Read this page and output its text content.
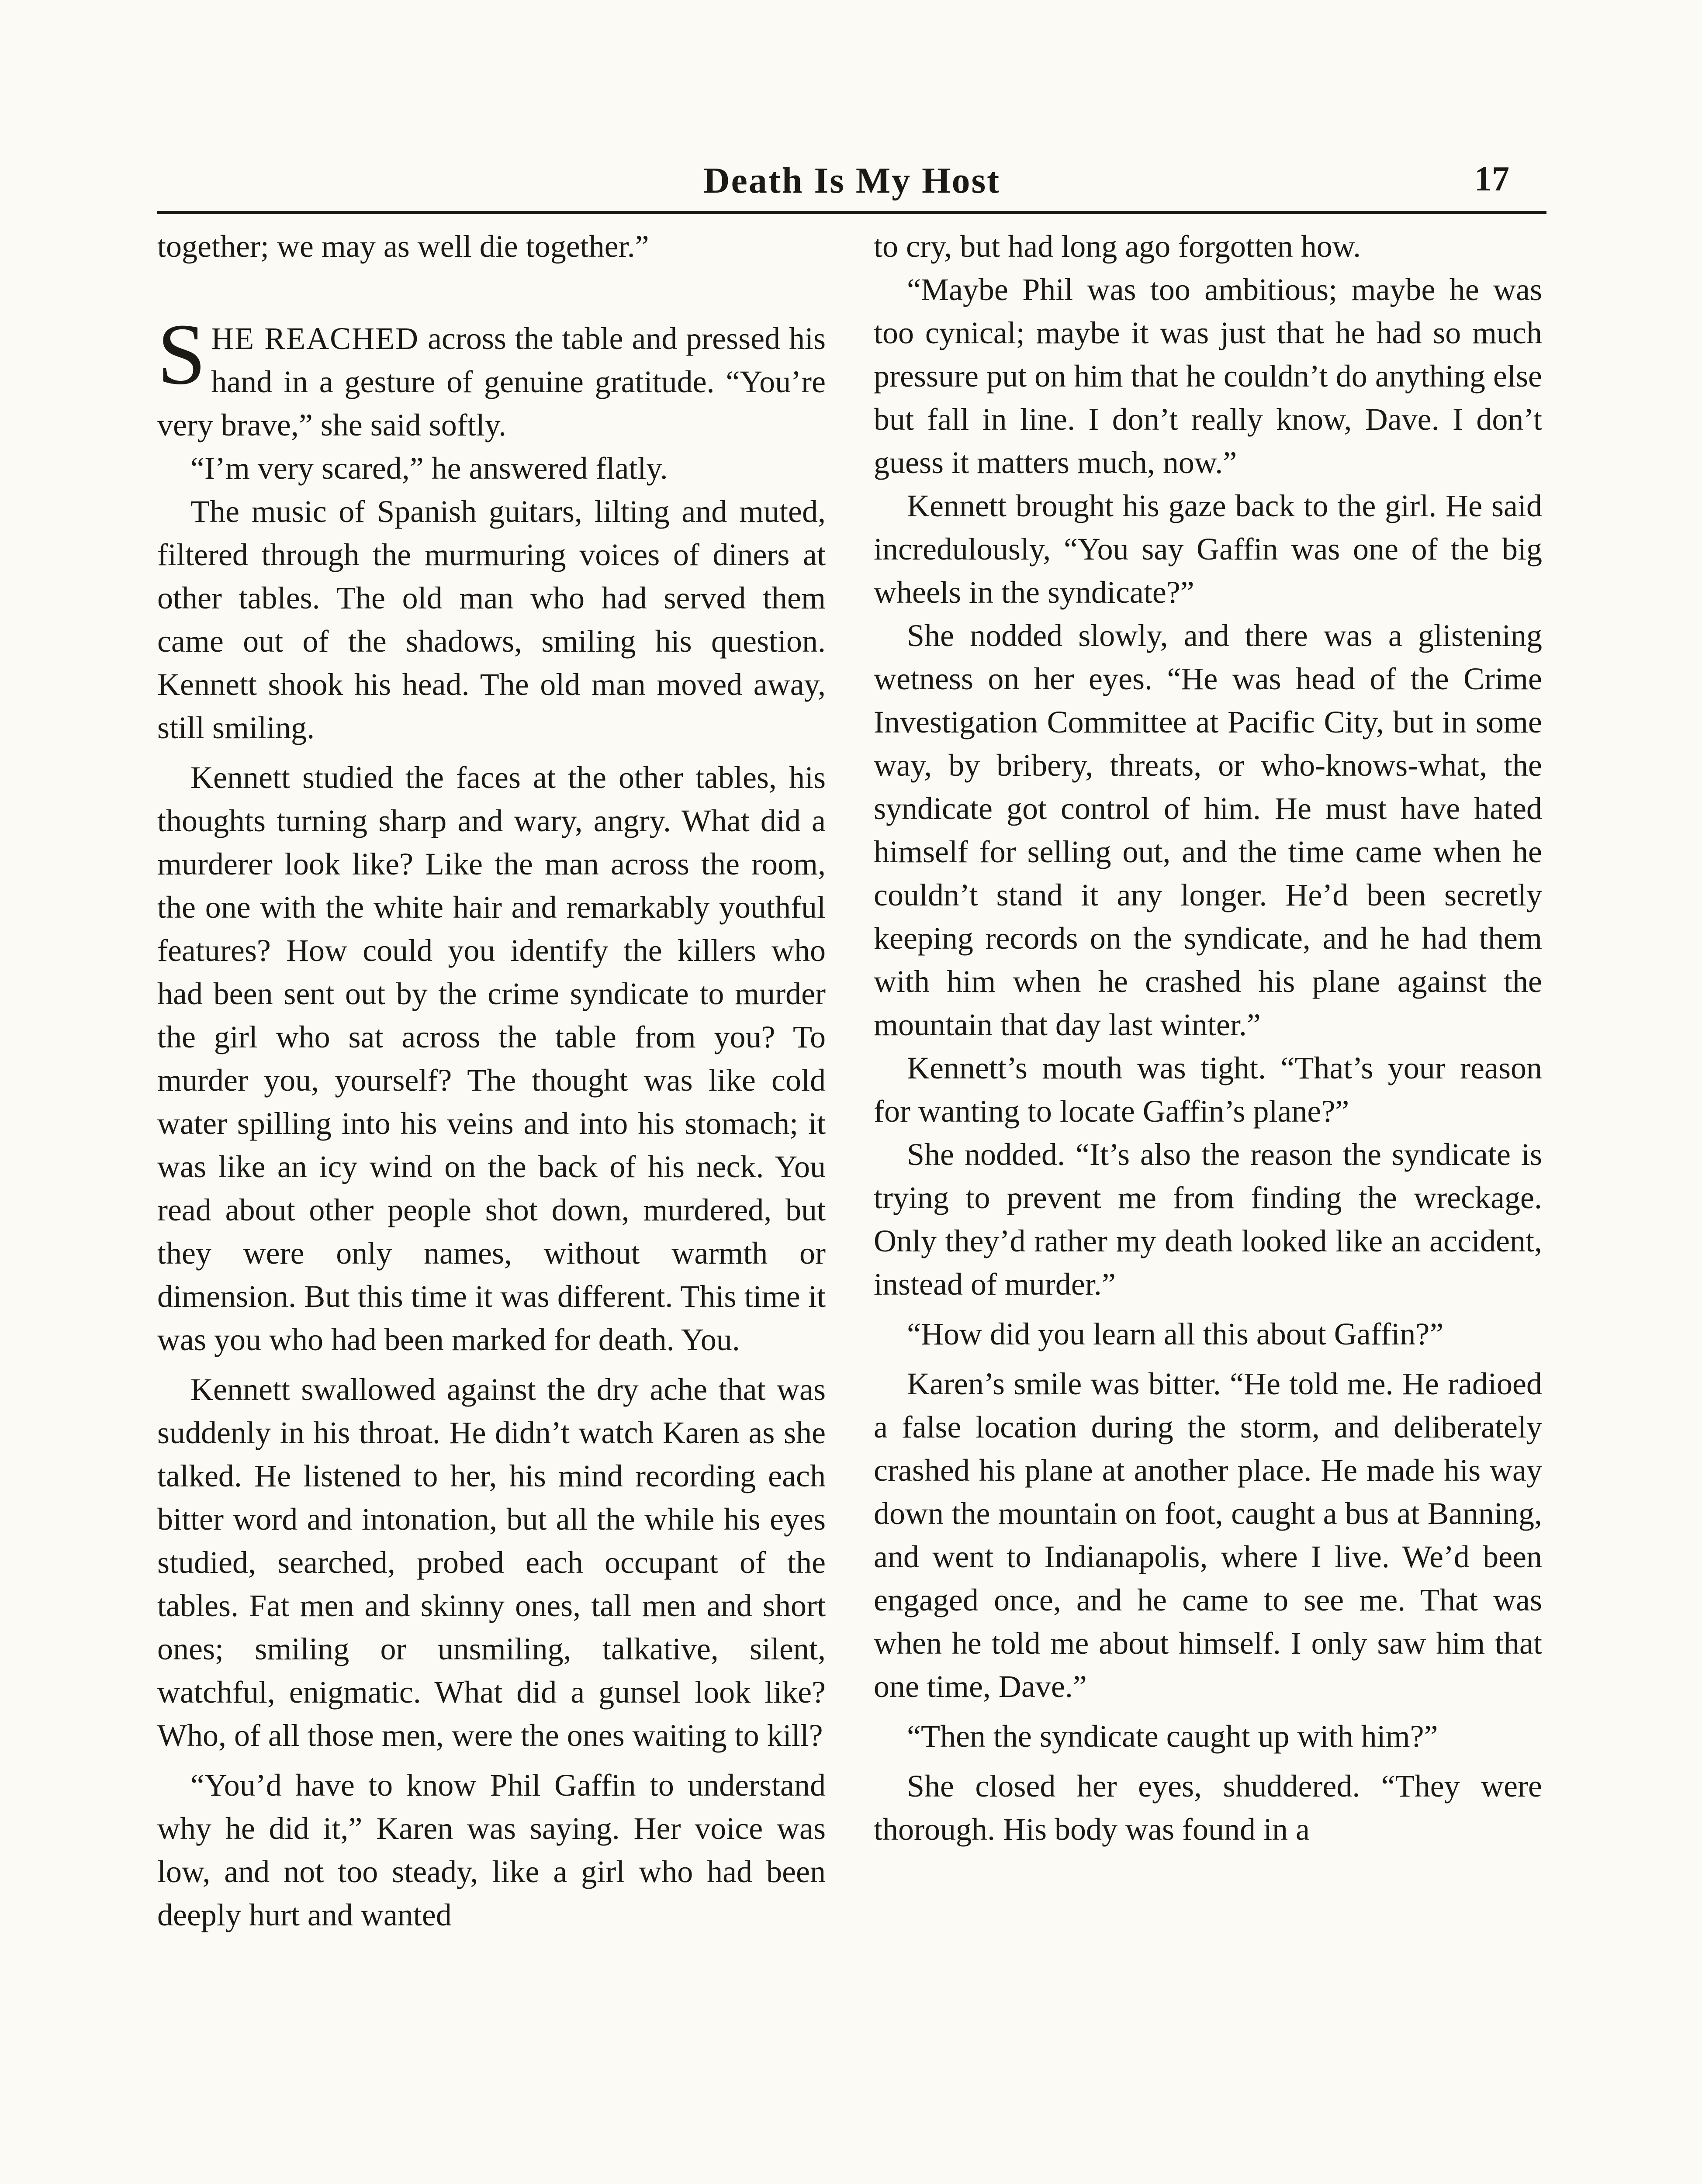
Death Is My Host	17

together; we may as well die together.”

SHE REACHED across the table and pressed his hand in a gesture of genuine gratitude. “You’re very brave,” she said softly.

“I’m very scared,” he answered flatly.

The music of Spanish guitars, lilting and muted, filtered through the murmuring voices of diners at other tables. The old man who had served them came out of the shadows, smiling his question. Kennett shook his head. The old man moved away, still smiling.

Kennett studied the faces at the other tables, his thoughts turning sharp and wary, angry. What did a murderer look like? Like the man across the room, the one with the white hair and remarkably youthful features? How could you identify the killers who had been sent out by the crime syndicate to murder the girl who sat across the table from you? To murder you, yourself? The thought was like cold water spilling into his veins and into his stomach; it was like an icy wind on the back of his neck. You read about other people shot down, murdered, but they were only names, without warmth or dimension. But this time it was different. This time it was you who had been marked for death. You.

Kennett swallowed against the dry ache that was suddenly in his throat. He didn’t watch Karen as she talked. He listened to her, his mind recording each bitter word and intonation, but all the while his eyes studied, searched, probed each occupant of the tables. Fat men and skinny ones, tall men and short ones; smiling or unsmiling, talkative, silent, watchful, enigmatic. What did a gunsel look like? Who, of all those men, were the ones waiting to kill?

“You’d have to know Phil Gaffin to understand why he did it,” Karen was saying. Her voice was low, and not too steady, like a girl who had been deeply hurt and wanted

to cry, but had long ago forgotten how.

“Maybe Phil was too ambitious; maybe he was too cynical; maybe it was just that he had so much pressure put on him that he couldn’t do anything else but fall in line. I don’t really know, Dave. I don’t guess it matters much, now.”

Kennett brought his gaze back to the girl. He said incredulously, “You say Gaffin was one of the big wheels in the syndicate?”

She nodded slowly, and there was a glistening wetness on her eyes. “He was head of the Crime Investigation Committee at Pacific City, but in some way, by bribery, threats, or who-knows-what, the syndicate got control of him. He must have hated himself for selling out, and the time came when he couldn’t stand it any longer. He’d been secretly keeping records on the syndicate, and he had them with him when he crashed his plane against the mountain that day last winter.”

Kennett’s mouth was tight. “That’s your reason for wanting to locate Gaffin’s plane?”

She nodded. “It’s also the reason the syndicate is trying to prevent me from finding the wreckage. Only they’d rather my death looked like an accident, instead of murder.”

“How did you learn all this about Gaffin?”

Karen’s smile was bitter. “He told me. He radioed a false location during the storm, and deliberately crashed his plane at another place. He made his way down the mountain on foot, caught a bus at Banning, and went to Indianapolis, where I live. We’d been engaged once, and he came to see me. That was when he told me about himself. I only saw him that one time, Dave.”

“Then the syndicate caught up with him?”

She closed her eyes, shuddered. “They were thorough. His body was found in a
